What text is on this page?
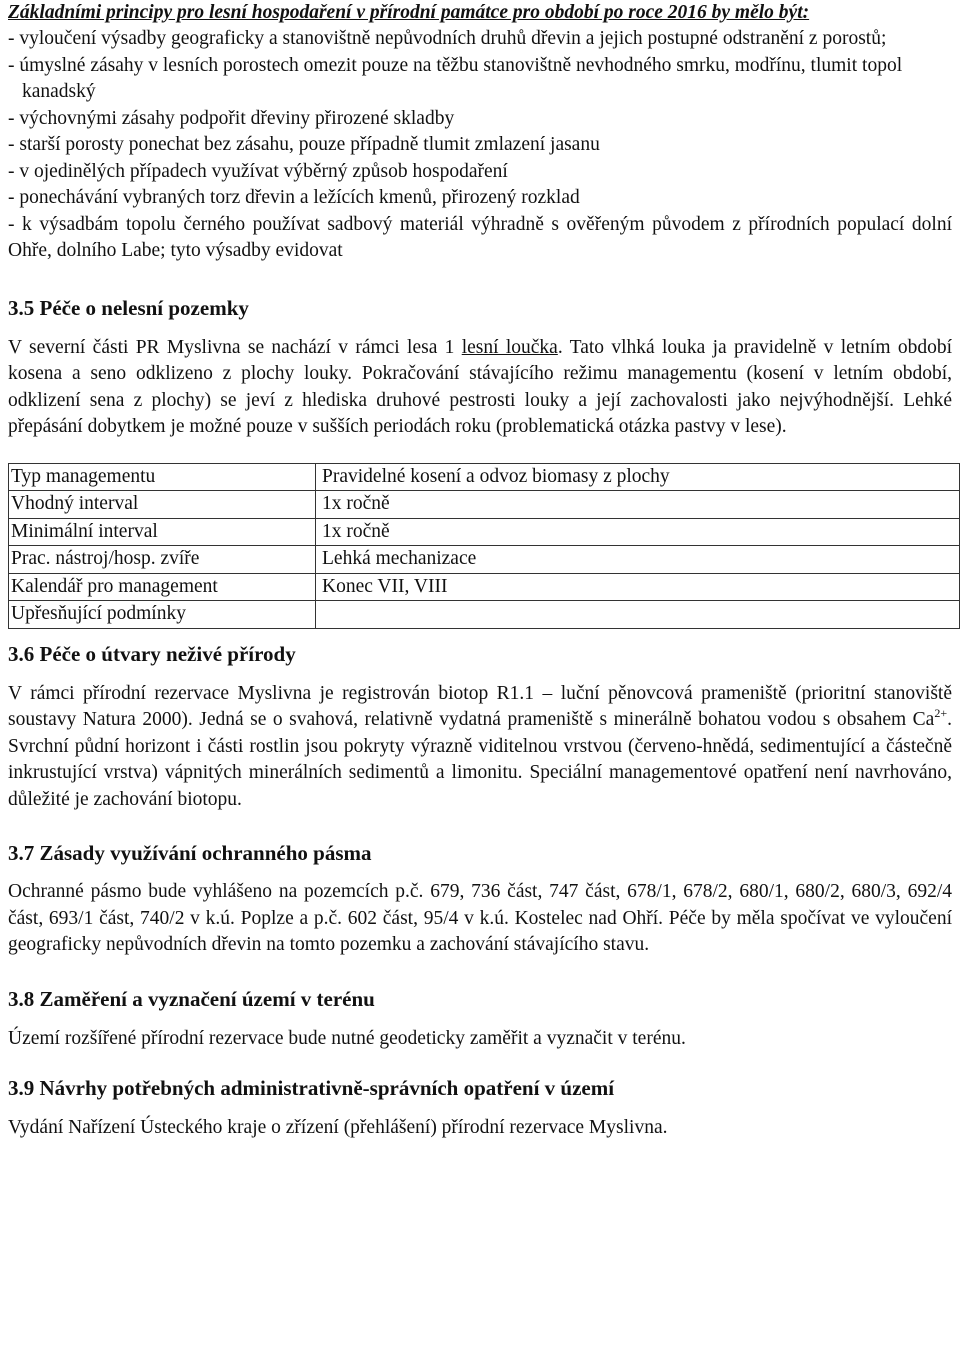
Základními principy pro lesní hospodaření v přírodní památce pro období po roce 2016 by mělo být:
- vyloučení výsadby geograficky a stanovištně nepůvodních druhů dřevin a jejich postupné odstranění z porostů;
- úmyslné zásahy v lesních porostech omezit pouze na těžbu stanovištně nevhodného smrku, modřínu, tlumit topol kanadský
- výchovnými zásahy podpořit dřeviny přirozené skladby
- starší porosty ponechat bez zásahu, pouze případně tlumit zmlazení jasanu
- v ojedinělých případech využívat výběrný způsob hospodaření
- ponechávání vybraných torz dřevin a ležících kmenů, přirozený rozklad
- k výsadbám topolu černého používat sadbový materiál výhradně s ověřeným původem z přírodních populací dolní Ohře, dolního Labe; tyto výsadby evidovat
3.5 Péče o nelesní pozemky

V severní části PR Myslivna se nachází v rámci lesa 1 lesní loučka. Tato vlhká louka ja pravidelně v letním období kosena a seno odklizeno z plochy louky. Pokračování stávajícího režimu managementu (kosení v letním období, odklizení sena z plochy) se jeví z hlediska druhové pestrosti louky a její zachovalosti jako nejvýhodnější. Lehké přepásání dobytkem je možné pouze v sušších periodách roku (problematická otázka pastvy v lese).

Typ managementu	Pravidelné kosení a odvoz biomasy z plochy
Vhodný interval	1x ročně
Minimální interval	1x ročně
Prac. nástroj/hosp. zvíře	Lehká mechanizace
Kalendář pro management	Konec VII, VIII
Upřesňující podmínky	
3.6 Péče o útvary neživé přírody

V rámci přírodní rezervace Myslivna je registrován biotop R1.1 – luční pěnovcová prameniště (prioritní stanoviště soustavy Natura 2000). Jedná se o svahová, relativně vydatná prameniště s minerálně bohatou vodou s obsahem $Ca^{2+}$. Svrchní půdní horizont i části rostlin jsou pokryty výrazně viditelnou vrstvou (červeno-hnědá, sedimentující a částečně inkrustující vrstva) vápnitých minerálních sedimentů a limonitu. Speciální managementové opatření není navrhováno, důležité je zachování biotopu.

3.7 Zásady využívání ochranného pásma

Ochranné pásmo bude vyhlášeno na pozemcích p.č. 679, 736 část, 747 část, 678/1, 678/2, 680/1, 680/2, 680/3, 692/4 část, 693/1 část, 740/2 v k.ú. Poplze a p.č. 602 část, 95/4 v k.ú. Kostelec nad Ohří. Péče by měla spočívat ve vyloučení geograficky nepůvodních dřevin na tomto pozemku a zachování stávajícího stavu.

3.8 Zaměření a vyznačení území v terénu

Území rozšířené přírodní rezervace bude nutné geodeticky zaměřit a vyznačit v terénu.

3.9 Návrhy potřebných administrativně-správních opatření v území

Vydání Nařízení Ústeckého kraje o zřízení (přehlášení) přírodní rezervace Myslivna.
